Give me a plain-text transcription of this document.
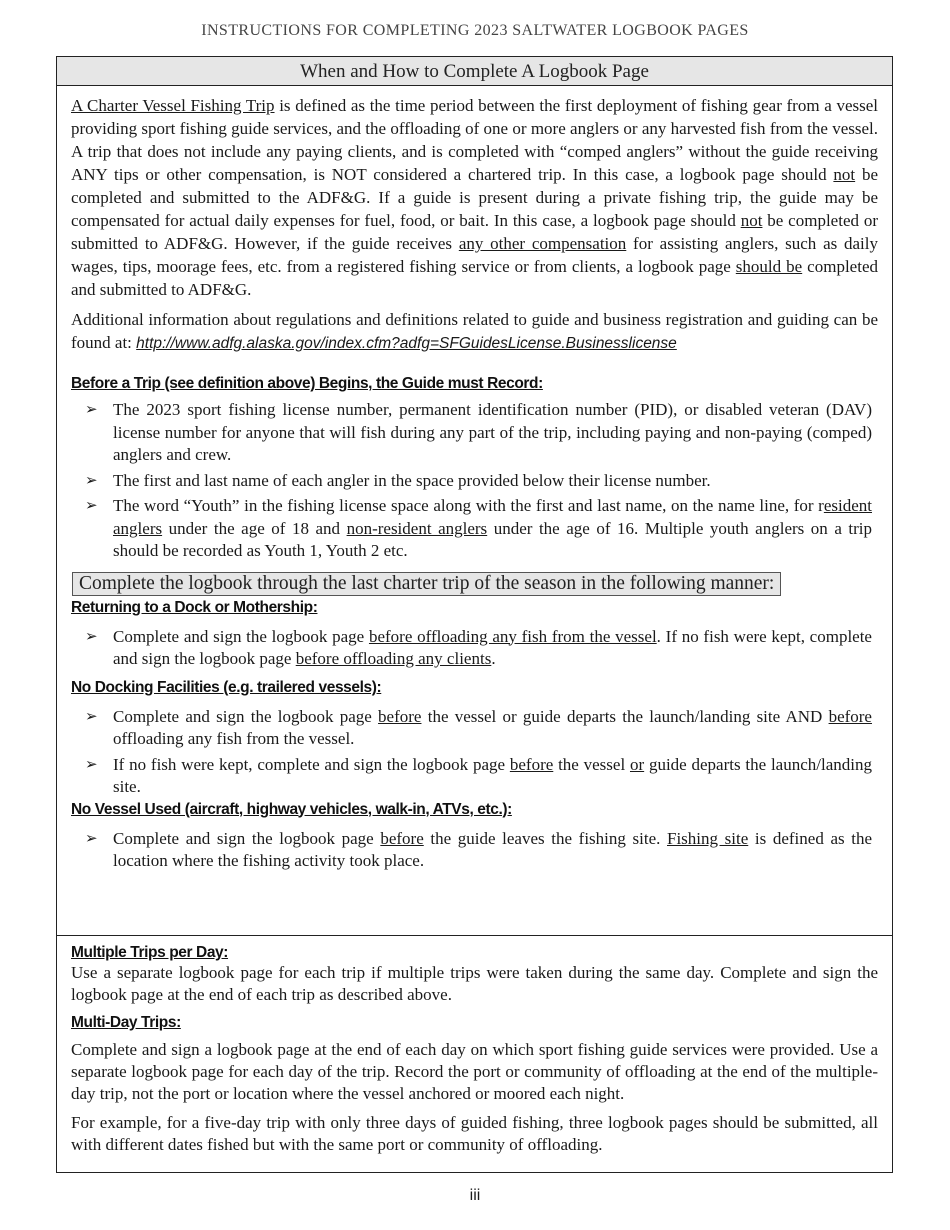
INSTRUCTIONS FOR COMPLETING 2023 SALTWATER LOGBOOK PAGES
When and How to Complete A Logbook Page

A Charter Vessel Fishing Trip is defined as the time period between the first deployment of fishing gear from a vessel providing sport fishing guide services, and the offloading of one or more anglers or any harvested fish from the vessel. A trip that does not include any paying clients, and is completed with “comped anglers” without the guide receiving ANY tips or other compensation, is NOT considered a chartered trip. In this case, a logbook page should not be completed and submitted to the ADF&G. If a guide is present during a private fishing trip, the guide may be compensated for actual daily expenses for fuel, food, or bait. In this case, a logbook page should not be completed or submitted to ADF&G. However, if the guide receives any other compensation for assisting anglers, such as daily wages, tips, moorage fees, etc. from a registered fishing service or from clients, a logbook page should be completed and submitted to ADF&G.

Additional information about regulations and definitions related to guide and business registration and guiding can be found at: http://www.adfg.alaska.gov/index.cfm?adfg=SFGuidesLicense.Businesslicense

Before a Trip (see definition above) Begins, the Guide must Record:
➢ The 2023 sport fishing license number, permanent identification number (PID), or disabled veteran (DAV) license number for anyone that will fish during any part of the trip, including paying and non-paying (comped) anglers and crew.
➢ The first and last name of each angler in the space provided below their license number.
➢ The word “Youth” in the fishing license space along with the first and last name, on the name line, for resident anglers under the age of 18 and non-resident anglers under the age of 16. Multiple youth anglers on a trip should be recorded as Youth 1, Youth 2 etc.
Complete the logbook through the last charter trip of the season in the following manner:
Returning to a Dock or Mothership:
➢ Complete and sign the logbook page before offloading any fish from the vessel. If no fish were kept, complete and sign the logbook page before offloading any clients.
No Docking Facilities (e.g. trailered vessels):
➢ Complete and sign the logbook page before the vessel or guide departs the launch/landing site AND before offloading any fish from the vessel.
➢ If no fish were kept, complete and sign the logbook page before the vessel or guide departs the launch/landing site.
No Vessel Used (aircraft, highway vehicles, walk-in, ATVs, etc.):
➢ Complete and sign the logbook page before the guide leaves the fishing site. Fishing site is defined as the location where the fishing activity took place.
Multiple Trips per Day:

Use a separate logbook page for each trip if multiple trips were taken during the same day. Complete and sign the logbook page at the end of each trip as described above.

Multi-Day Trips:

Complete and sign a logbook page at the end of each day on which sport fishing guide services were provided. Use a separate logbook page for each day of the trip. Record the port or community of offloading at the end of the multiple-day trip, not the port or location where the vessel anchored or moored each night.

For example, for a five-day trip with only three days of guided fishing, three logbook pages should be submitted, all with different dates fished but with the same port or community of offloading.

iii
